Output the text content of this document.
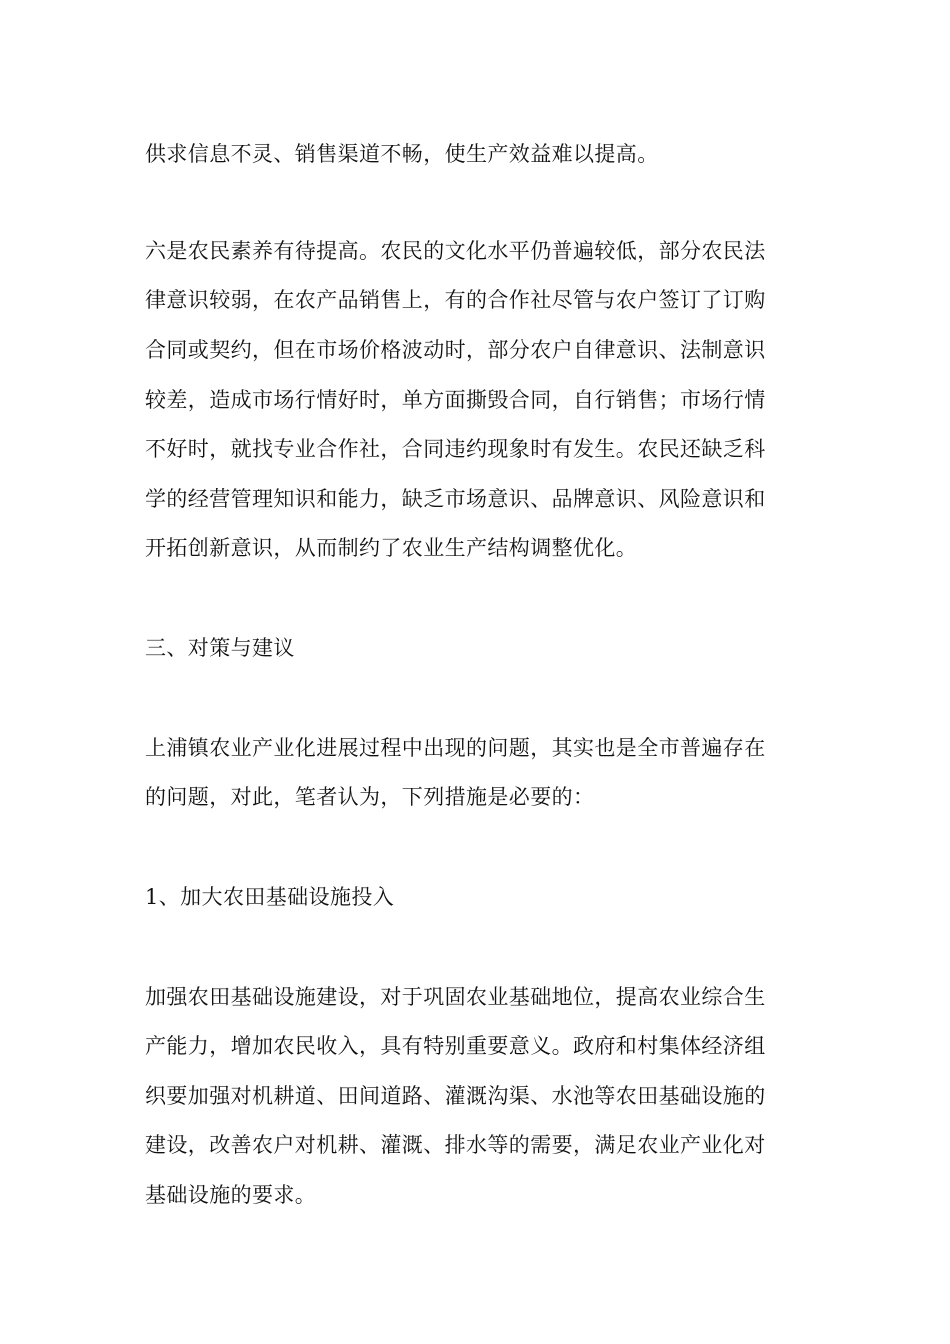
供求信息不灵、销售渠道不畅，使生产效益难以提高。
六是农民素养有待提高。农民的文化水平仍普遍较低，部分农民法
律意识较弱，在农产品销售上，有的合作社尽管与农户签订了订购
合同或契约，但在市场价格波动时，部分农户自律意识、法制意识
较差，造成市场行情好时，单方面撕毁合同，自行销售；市场行情
不好时，就找专业合作社，合同违约现象时有发生。农民还缺乏科
学的经营管理知识和能力，缺乏市场意识、品牌意识、风险意识和
开拓创新意识，从而制约了农业生产结构调整优化。
三、对策与建议
上浦镇农业产业化进展过程中出现的问题，其实也是全市普遍存在
的问题，对此，笔者认为，下列措施是必要的：
1、加大农田基础设施投入
加强农田基础设施建设，对于巩固农业基础地位，提高农业综合生
产能力，增加农民收入，具有特别重要意义。政府和村集体经济组
织要加强对机耕道、田间道路、灌溉沟渠、水池等农田基础设施的
建设，改善农户对机耕、灌溉、排水等的需要，满足农业产业化对
基础设施的要求。
